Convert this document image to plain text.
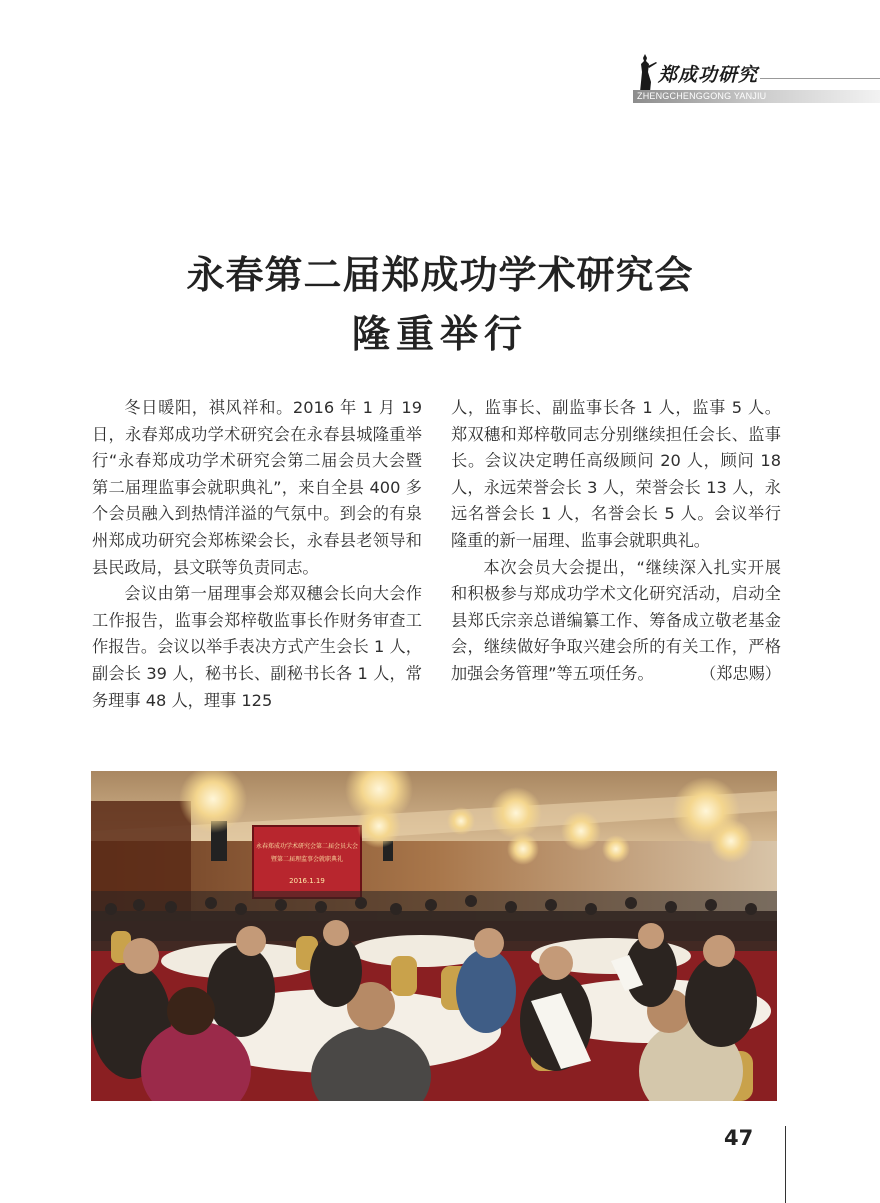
郑成功研究
ZHENGCHENGGONG YANJIU
永春第二届郑成功学术研究会
隆重举行

冬日暖阳，祺风祥和。2016 年 1 月 19 日，永春郑成功学术研究会在永春县城隆重举行“永春郑成功学术研究会第二届会员大会暨第二届理监事会就职典礼”，来自全县 400 多个会员融入到热情洋溢的气氛中。到会的有泉州郑成功研究会郑栋梁会长，永春县老领导和县民政局，县文联等负责同志。

会议由第一届理事会郑双穗会长向大会作工作报告，监事会郑梓敬监事长作财务审查工作报告。会议以举手表决方式产生会长 1 人，副会长 39 人，秘书长、副秘书长各 1 人，常务理事 48 人，理事 125

人，监事长、副监事长各 1 人，监事 5 人。郑双穗和郑梓敬同志分别继续担任会长、监事长。会议决定聘任高级顾问 20 人，顾问 18 人，永远荣誉会长 3 人，荣誉会长 13 人，永远名誉会长 1 人，名誉会长 5 人。会议举行隆重的新一届理、监事会就职典礼。

本次会员大会提出，“继续深入扎实开展和积极参与郑成功学术文化研究活动，启动全县郑氏宗亲总谱编纂工作、筹备成立敬老基金会，继续做好争取兴建会所的有关工作，严格加强会务管理”等五项任务。	（郑忠赐）
永春郑成功学术研究会第二届会员大会
暨第二届理监事会就职典礼
2016.1.19
47
